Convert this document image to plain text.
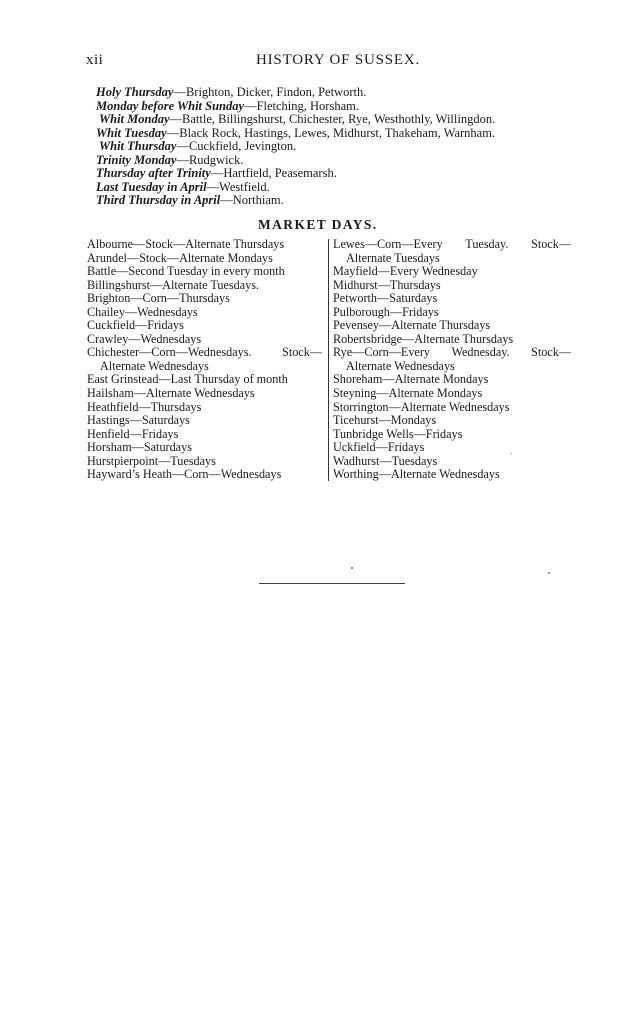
xii	HISTORY OF SUSSEX.
Holy Thursday—Brighton, Dicker, Findon, Petworth.
Monday before Whit Sunday—Fletching, Horsham.
Whit Monday—Battle, Billingshurst, Chichester, Rye, Westhothly, Willingdon.
Whit Tuesday—Black Rock, Hastings, Lewes, Midhurst, Thakeham, Warnham.
Whit Thursday—Cuckfield, Jevington.
Trinity Monday—Rudgwick.
Thursday after Trinity—Hartfield, Peasemarsh.
Last Tuesday in April—Westfield.
Third Thursday in April—Northiam.
MARKET DAYS.
Albourne—Stock—Alternate Thursdays
Arundel—Stock—Alternate Mondays
Battle—Second Tuesday in every month
Billingshurst—Alternate Tuesdays.
Brighton—Corn—Thursdays
Chailey—Wednesdays
Cuckfield—Fridays
Crawley—Wednesdays
Chichester—Corn—Wednesdays.	Stock—
Alternate Wednesdays
East Grinstead—Last Thursday of month
Hailsham—Alternate Wednesdays
Heathfield—Thursdays
Hastings—Saturdays
Henfield—Fridays
Horsham—Saturdays
Hurstpierpoint—Tuesdays
Hayward’s Heath—Corn—Wednesdays
Lewes—Corn—Every Tuesday. Stock—
Alternate Tuesdays
Mayfield—Every Wednesday
Midhurst—Thursdays
Petworth—Saturdays
Pulborough—Fridays
Pevensey—Alternate Thursdays
Robertsbridge—Alternate Thursdays
Rye—Corn—Every Wednesday. Stock—
Alternate Wednesdays
Shoreham—Alternate Mondays
Steyning—Alternate Mondays
Storrington—Alternate Wednesdays
Ticehurst—Mondays
Tunbridge Wells—Fridays
Uckfield—Fridays
Wadhurst—Tuesdays
Worthing—Alternate Wednesdays
